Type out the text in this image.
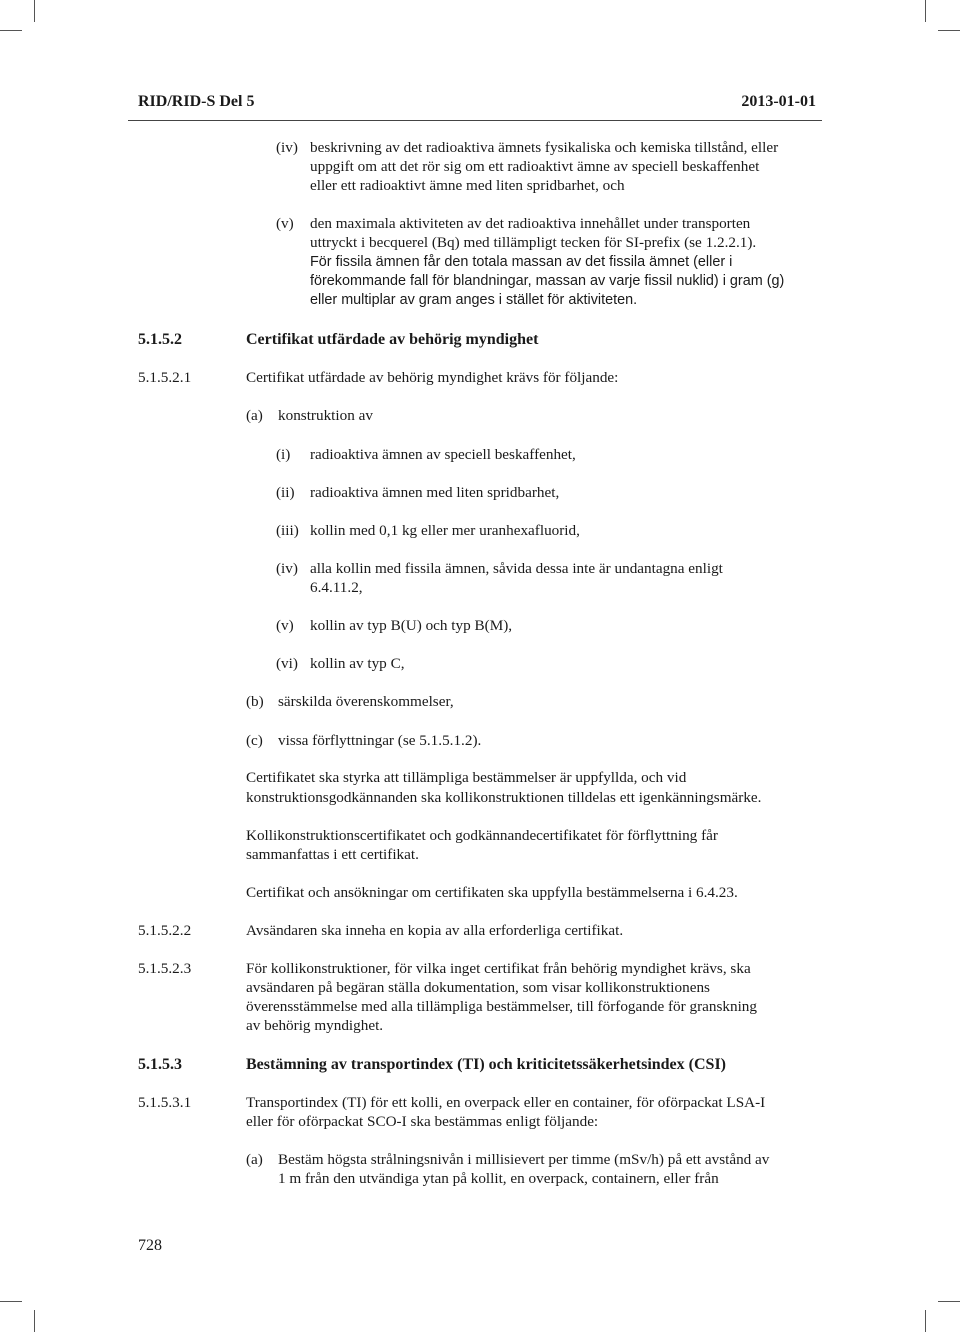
RID/RID-S Del 5	2013-01-01
(iv) beskrivning av det radioaktiva ämnets fysikaliska och kemiska tillstånd, eller
uppgift om att det rör sig om ett radioaktivt ämne av speciell beskaffenhet
eller ett radioaktivt ämne med liten spridbarhet, och
(v) den maximala aktiviteten av det radioaktiva innehållet under transporten
uttryckt i becquerel (Bq) med tillämpligt tecken för SI-prefix (se 1.2.2.1).
För fissila ämnen får den totala massan av det fissila ämnet (eller i
förekommande fall för blandningar, massan av varje fissil nuklid) i gram (g)
eller multiplar av gram anges i stället för aktiviteten.
5.1.5.2	Certifikat utfärdade av behörig myndighet
5.1.5.2.1	Certifikat utfärdade av behörig myndighet krävs för följande:
(a) konstruktion av
(i) radioaktiva ämnen av speciell beskaffenhet,
(ii) radioaktiva ämnen med liten spridbarhet,
(iii) kollin med 0,1 kg eller mer uranhexafluorid,
(iv) alla kollin med fissila ämnen, såvida dessa inte är undantagna enligt
6.4.11.2,
(v) kollin av typ B(U) och typ B(M),
(vi) kollin av typ C,
(b) särskilda överenskommelser,
(c) vissa förflyttningar (se 5.1.5.1.2).
Certifikatet ska styrka att tillämpliga bestämmelser är uppfyllda, och vid
konstruktionsgodkännanden ska kollikonstruktionen tilldelas ett igenkänningsmärke.
Kollikonstruktionscertifikatet och godkännandecertifikatet för förflyttning får
sammanfattas i ett certifikat.
Certifikat och ansökningar om certifikaten ska uppfylla bestämmelserna i 6.4.23.
5.1.5.2.2	Avsändaren ska inneha en kopia av alla erforderliga certifikat.
5.1.5.2.3	För kollikonstruktioner, för vilka inget certifikat från behörig myndighet krävs, ska
avsändaren på begäran ställa dokumentation, som visar kollikonstruktionens
överensstämmelse med alla tillämpliga bestämmelser, till förfogande för granskning
av behörig myndighet.
5.1.5.3	Bestämning av transportindex (TI) och kriticitetssäkerhetsindex (CSI)
5.1.5.3.1	Transportindex (TI) för ett kolli, en overpack eller en container, för oförpackat LSA-I
eller för oförpackat SCO-I ska bestämmas enligt följande:
(a) Bestäm högsta strålningsnivån i millisievert per timme (mSv/h) på ett avstånd av
1 m från den utvändiga ytan på kollit, en overpack, containern, eller från
728
